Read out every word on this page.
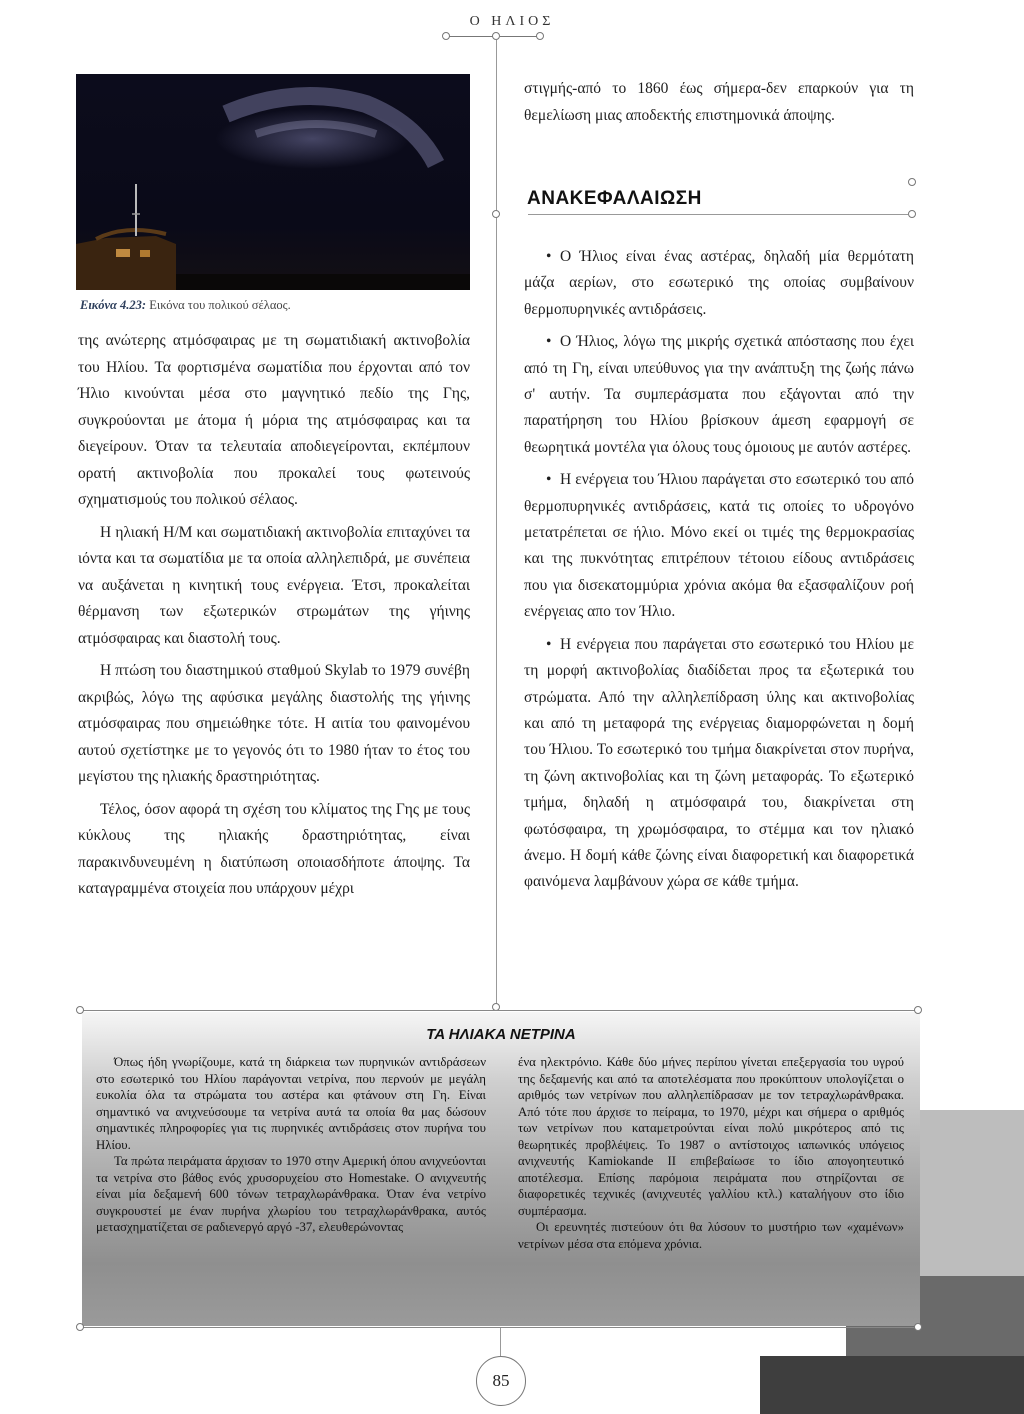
Ο ΗΛΙΟΣ
Εικόνα 4.23: Εικόνα του πολικού σέλαος.

της ανώτερης ατμόσφαιρας με τη σωματιδιακή ακτινοβολία του Ηλίου. Τα φορτισμένα σωματίδια που έρχονται από τον Ήλιο κινούνται μέσα στο μαγνητικό πεδίο της Γης, συγκρούονται με άτομα ή μόρια της ατμόσφαιρας και τα διεγείρουν. Όταν τα τελευταία αποδιεγείρονται, εκπέμπουν ορατή ακτινοβολία που προκαλεί τους φωτεινούς σχηματισμούς του πολικού σέλαος.

Η ηλιακή Η/Μ και σωματιδιακή ακτινοβολία επιταχύνει τα ιόντα και τα σωματίδια με τα οποία αλληλεπιδρά, με συνέπεια να αυξάνεται η κινητική τους ενέργεια. Έτσι, προκαλείται θέρμανση των εξωτερικών στρωμάτων της γήινης ατμόσφαιρας και διαστολή τους.

Η πτώση του διαστημικού σταθμού Skylab το 1979 συνέβη ακριβώς, λόγω της αφύσικα μεγάλης διαστολής της γήινης ατμόσφαιρας που σημειώθηκε τότε. Η αιτία του φαινομένου αυτού σχετίστηκε με το γεγονός ότι το 1980 ήταν το έτος του μεγίστου της ηλιακής δραστηριότητας.

Τέλος, όσον αφορά τη σχέση του κλίματος της Γης με τους κύκλους της ηλιακής δραστηριότητας, είναι παρακινδυνευμένη η διατύπωση οποιασδήποτε άποψης. Τα καταγραμμένα στοιχεία που υπάρχουν μέχρι

στιγμής-από το 1860 έως σήμερα-δεν επαρκούν για τη θεμελίωση μιας αποδεκτής επιστημονικά άποψης.

ΑΝΑΚΕΦΑΛΑΙΩΣΗ
• Ο Ήλιος είναι ένας αστέρας, δηλαδή μία θερμότατη μάζα αερίων, στο εσωτερικό της οποίας συμβαίνουν θερμοπυρηνικές αντιδράσεις.
• Ο Ήλιος, λόγω της μικρής σχετικά απόστασης που έχει από τη Γη, είναι υπεύθυνος για την ανάπτυξη της ζωής πάνω σ' αυτήν. Τα συμπεράσματα που εξάγονται από την παρατήρηση του Ηλίου βρίσκουν άμεση εφαρμογή σε θεωρητικά μοντέλα για όλους τους όμοιους με αυτόν αστέρες.
• Η ενέργεια του Ήλιου παράγεται στο εσωτερικό του από θερμοπυρηνικές αντιδράσεις, κατά τις οποίες το υδρογόνο μετατρέπεται σε ήλιο. Μόνο εκεί οι τιμές της θερμοκρασίας και της πυκνότητας επιτρέπουν τέτοιου είδους αντιδράσεις που για δισεκατομμύρια χρόνια ακόμα θα εξασφαλίζουν ροή ενέργειας απο τον Ήλιο.
• Η ενέργεια που παράγεται στο εσωτερικό του Ηλίου με τη μορφή ακτινοβολίας διαδίδεται προς τα εξωτερικά του στρώματα. Από την αλληλεπίδραση ύλης και ακτινοβολίας και από τη μεταφορά της ενέργειας διαμορφώνεται η δομή του Ήλιου. Το εσωτερικό του τμήμα διακρίνεται στον πυρήνα, τη ζώνη ακτινοβολίας και τη ζώνη μεταφοράς. Το εξωτερικό τμήμα, δηλαδή η ατμόσφαιρά του, διακρίνεται στη φωτόσφαιρα, τη χρωμόσφαιρα, το στέμμα και τον ηλιακό άνεμο. Η δομή κάθε ζώνης είναι διαφορετική και διαφορετικά φαινόμενα λαμβάνουν χώρα σε κάθε τμήμα.
ΤΑ ΗΛΙΑΚΑ ΝΕΤΡΙΝΑ

Όπως ήδη γνωρίζουμε, κατά τη διάρκεια των πυρηνικών αντιδράσεων στο εσωτερικό του Ηλίου παράγονται νετρίνα, που περνούν με μεγάλη ευκολία όλα τα στρώματα του αστέρα και φτάνουν στη Γη. Είναι σημαντικό να ανιχνεύσουμε τα νετρίνα αυτά τα οποία θα μας δώσουν σημαντικές πληροφορίες για τις πυρηνικές αντιδράσεις στον πυρήνα του Ηλίου.

Τα πρώτα πειράματα άρχισαν το 1970 στην Αμερική όπου ανιχνεύονται τα νετρίνα στο βάθος ενός χρυσορυχείου στο Homestake. Ο ανιχνευτής είναι μία δεξαμενή 600 τόνων τετραχλωράνθρακα. Όταν ένα νετρίνο συγκρουστεί με έναν πυρήνα χλωρίου του τετραχλωράνθρακα, αυτός μετασχηματίζεται σε ραδιενεργό αργό -37, ελευθερώνοντας

ένα ηλεκτρόνιο. Κάθε δύο μήνες περίπου γίνεται επεξεργασία του υγρού της δεξαμενής και από τα αποτελέσματα που προκύπτουν υπολογίζεται ο αριθμός των νετρίνων που αλληλεπίδρασαν με τον τετραχλωράνθρακα. Από τότε που άρχισε το πείραμα, το 1970, μέχρι και σήμερα ο αριθμός των νετρίνων που καταμετρούνται είναι πολύ μικρότερος από τις θεωρητικές προβλέψεις. Το 1987 ο αντίστοιχος ιαπωνικός υπόγειος ανιχνευτής Kamiokande II επιβεβαίωσε το ίδιο απογοητευτικό αποτέλεσμα. Επίσης παρόμοια πειράματα που στηρίζονται σε διαφορετικές τεχνικές (ανιχνευτές γαλλίου κτλ.) καταλήγουν στο ίδιο συμπέρασμα.

Οι ερευνητές πιστεύουν ότι θα λύσουν το μυστήριο των «χαμένων» νετρίνων μέσα στα επόμενα χρόνια.

85
